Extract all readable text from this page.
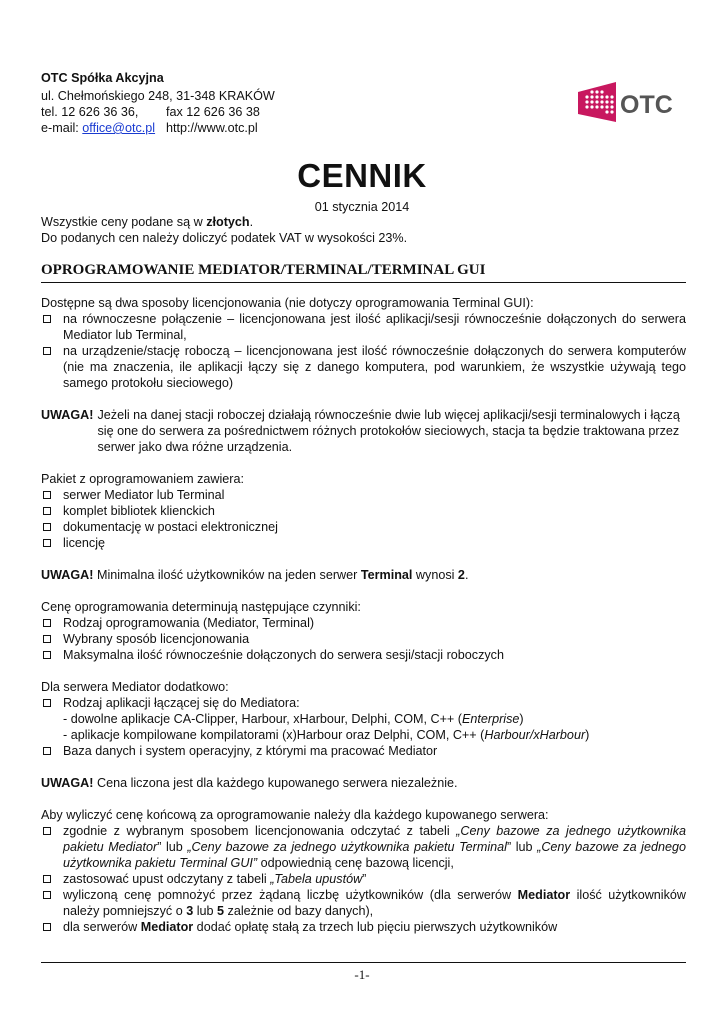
OTC Spółka Akcyjna
ul. Chełmońskiego 248, 31-348 KRAKÓW
tel. 12 626 36 36,	fax 12 626 36 38
e-mail: office@otc.pl http://www.otc.pl
OTC
CENNIK
01 stycznia 2014
Wszystkie ceny podane są w złotych.
Do podanych cen należy doliczyć podatek VAT w wysokości 23%.
OPROGRAMOWANIE MEDIATOR/TERMINAL/TERMINAL GUI

Dostępne są dwa sposoby licencjonowania (nie dotyczy oprogramowania Terminal GUI):

na równoczesne połączenie – licencjonowana jest ilość aplikacji/sesji równocześnie dołączonych do serwera Mediator lub Terminal,
na urządzenie/stację roboczą – licencjonowana jest ilość równocześnie dołączonych do serwera komputerów (nie ma znaczenia, ile aplikacji łączy się z danego komputera, pod warunkiem, że wszystkie używają tego samego protokołu sieciowego)
UWAGA! Jeżeli na danej stacji roboczej działają równocześnie dwie lub więcej aplikacji/sesji terminalowych i łączą się one do serwera za pośrednictwem różnych protokołów sieciowych, stacja ta będzie traktowana przez serwer jako dwa różne urządzenia.

Pakiet z oprogramowaniem zawiera:

serwer Mediator lub Terminal
komplet bibliotek klienckich
dokumentację w postaci elektronicznej
licencję

UWAGA! Minimalna ilość użytkowników na jeden serwer Terminal wynosi 2.

Cenę oprogramowania determinują następujące czynniki:

Rodzaj oprogramowania (Mediator, Terminal)
Wybrany sposób licencjonowania
Maksymalna ilość równocześnie dołączonych do serwera sesji/stacji roboczych

Dla serwera Mediator dodatkowo:

Rodzaj aplikacji łączącej się do Mediatora:
- dowolne aplikacje CA-Clipper, Harbour, xHarbour, Delphi, COM, C++ (Enterprise)
- aplikacje kompilowane kompilatorami (x)Harbour oraz Delphi, COM, C++ (Harbour/xHarbour)
Baza danych i system operacyjny, z którymi ma pracować Mediator

UWAGA! Cena liczona jest dla każdego kupowanego serwera niezależnie.

Aby wyliczyć cenę końcową za oprogramowanie należy dla każdego kupowanego serwera:

zgodnie z wybranym sposobem licencjonowania odczytać z tabeli „Ceny bazowe za jednego użytkownika pakietu Mediator” lub „Ceny bazowe za jednego użytkownika pakietu Terminal” lub „Ceny bazowe za jednego użytkownika pakietu Terminal GUI” odpowiednią cenę bazową licencji,
zastosować upust odczytany z tabeli „Tabela upustów”
wyliczoną cenę pomnożyć przez żądaną liczbę użytkowników (dla serwerów Mediator ilość użytkowników należy pomniejszyć o 3 lub 5 zależnie od bazy danych),
dla serwerów Mediator dodać opłatę stałą za trzech lub pięciu pierwszych użytkowników
-1-
